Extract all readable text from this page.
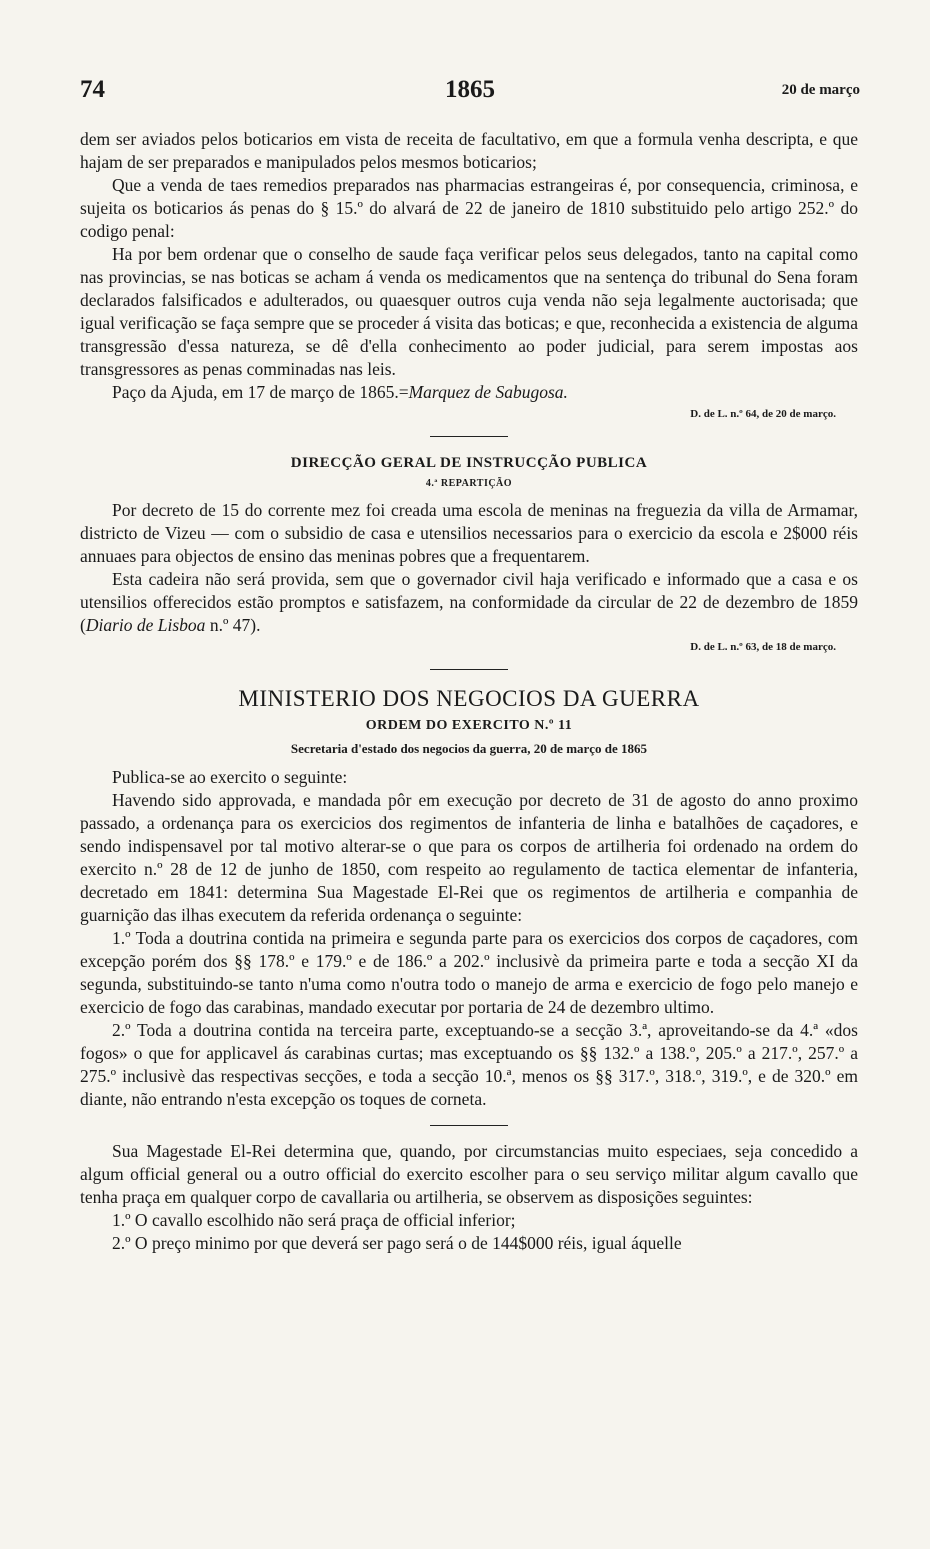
74	1865	20 de março

dem ser aviados pelos boticarios em vista de receita de facultativo, em que a formula venha descripta, e que hajam de ser preparados e manipulados pelos mesmos boticarios;

Que a venda de taes remedios preparados nas pharmacias estrangeiras é, por consequencia, criminosa, e sujeita os boticarios ás penas do § 15.º do alvará de 22 de janeiro de 1810 substituido pelo artigo 252.º do codigo penal:

Ha por bem ordenar que o conselho de saude faça verificar pelos seus delegados, tanto na capital como nas provincias, se nas boticas se acham á venda os medicamentos que na sentença do tribunal do Sena foram declarados falsificados e adulterados, ou quaesquer outros cuja venda não seja legalmente auctorisada; que igual verificação se faça sempre que se proceder á visita das boticas; e que, reconhecida a existencia de alguma transgressão d'essa natureza, se dê d'ella conhecimento ao poder judicial, para serem impostas aos transgressores as penas comminadas nas leis.

Paço da Ajuda, em 17 de março de 1865.=Marquez de Sabugosa.

D. de L. n.º 64, de 20 de março.
DIRECÇÃO GERAL DE INSTRUCÇÃO PUBLICA
4.ª REPARTIÇÃO

Por decreto de 15 do corrente mez foi creada uma escola de meninas na freguezia da villa de Armamar, districto de Vizeu — com o subsidio de casa e utensilios necessarios para o exercicio da escola e 2$000 réis annuaes para objectos de ensino das meninas pobres que a frequentarem.

Esta cadeira não será provida, sem que o governador civil haja verificado e informado que a casa e os utensilios offerecidos estão promptos e satisfazem, na conformidade da circular de 22 de dezembro de 1859 (Diario de Lisboa n.º 47).

D. de L. n.º 63, de 18 de março.
MINISTERIO DOS NEGOCIOS DA GUERRA
ORDEM DO EXERCITO N.º 11
Secretaria d'estado dos negocios da guerra, 20 de março de 1865

Publica-se ao exercito o seguinte:

Havendo sido approvada, e mandada pôr em execução por decreto de 31 de agosto do anno proximo passado, a ordenança para os exercicios dos regimentos de infanteria de linha e batalhões de caçadores, e sendo indispensavel por tal motivo alterar-se o que para os corpos de artilheria foi ordenado na ordem do exercito n.º 28 de 12 de junho de 1850, com respeito ao regulamento de tactica elementar de infanteria, decretado em 1841: determina Sua Magestade El-Rei que os regimentos de artilheria e companhia de guarnição das ilhas executem da referida ordenança o seguinte:

1.º Toda a doutrina contida na primeira e segunda parte para os exercicios dos corpos de caçadores, com excepção porém dos §§ 178.º e 179.º e de 186.º a 202.º inclusivè da primeira parte e toda a secção XI da segunda, substituindo-se tanto n'uma como n'outra todo o manejo de arma e exercicio de fogo pelo manejo e exercicio de fogo das carabinas, mandado executar por portaria de 24 de dezembro ultimo.

2.º Toda a doutrina contida na terceira parte, exceptuando-se a secção 3.ª, aproveitando-se da 4.ª «dos fogos» o que for applicavel ás carabinas curtas; mas exceptuando os §§ 132.º a 138.º, 205.º a 217.º, 257.º a 275.º inclusivè das respectivas secções, e toda a secção 10.ª, menos os §§ 317.º, 318.º, 319.º, e de 320.º em diante, não entrando n'esta excepção os toques de corneta.

Sua Magestade El-Rei determina que, quando, por circumstancias muito especiaes, seja concedido a algum official general ou a outro official do exercito escolher para o seu serviço militar algum cavallo que tenha praça em qualquer corpo de cavallaria ou artilheria, se observem as disposições seguintes:

1.º O cavallo escolhido não será praça de official inferior;

2.º O preço minimo por que deverá ser pago será o de 144$000 réis, igual áquelle
